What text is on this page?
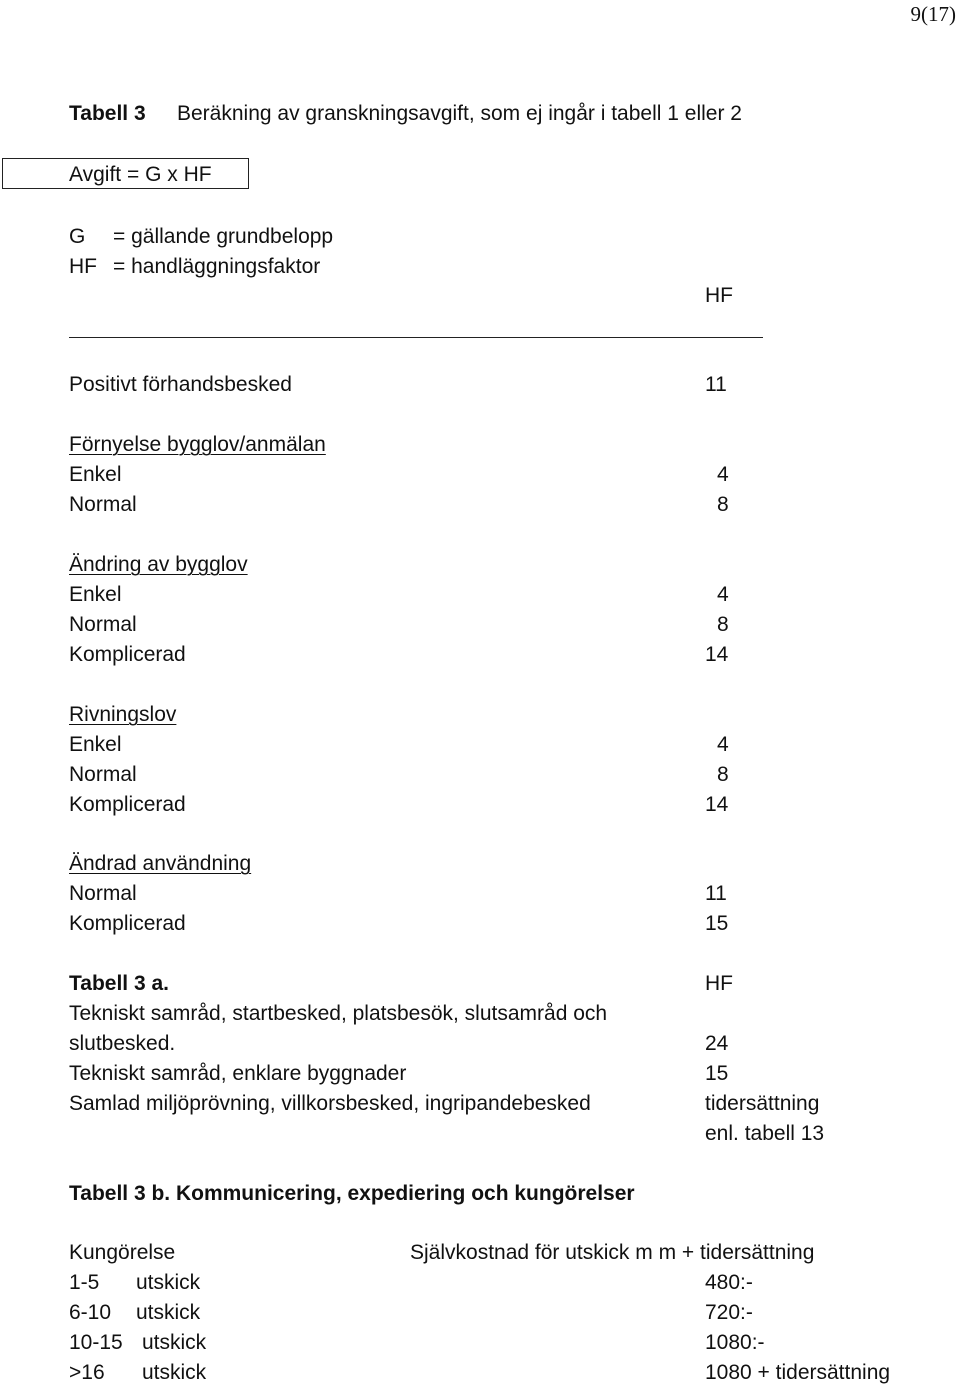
9(17)
Tabell 3 Beräkning av granskningsavgift, som ej ingår i tabell 1 eller 2
Avgift = G x HF
G = gällande grundbelopp
HF = handläggningsfaktor
HF
Positivt förhandsbesked	11
Förnyelse bygglov/anmälan
Enkel	4
Normal	8
Ändring av bygglov
Enkel	4
Normal	8
Komplicerad	14
Rivningslov
Enkel	4
Normal	8
Komplicerad	14
Ändrad användning
Normal	11
Komplicerad	15
Tabell 3 a.	HF
Tekniskt samråd, startbesked, platsbesök, slutsamråd och
slutbesked.	24
Tekniskt samråd, enklare byggnader	15
Samlad miljöprövning, villkorsbesked, ingripandebesked	tidersättning
enl. tabell 13
Tabell 3 b. Kommunicering, expediering och kungörelser
Kungörelse	Självkostnad för utskick m m + tidersättning
1-5 utskick	480:-
6-10 utskick	720:-
10-15 utskick	1080:-
>16 utskick	1080 + tidersättning
